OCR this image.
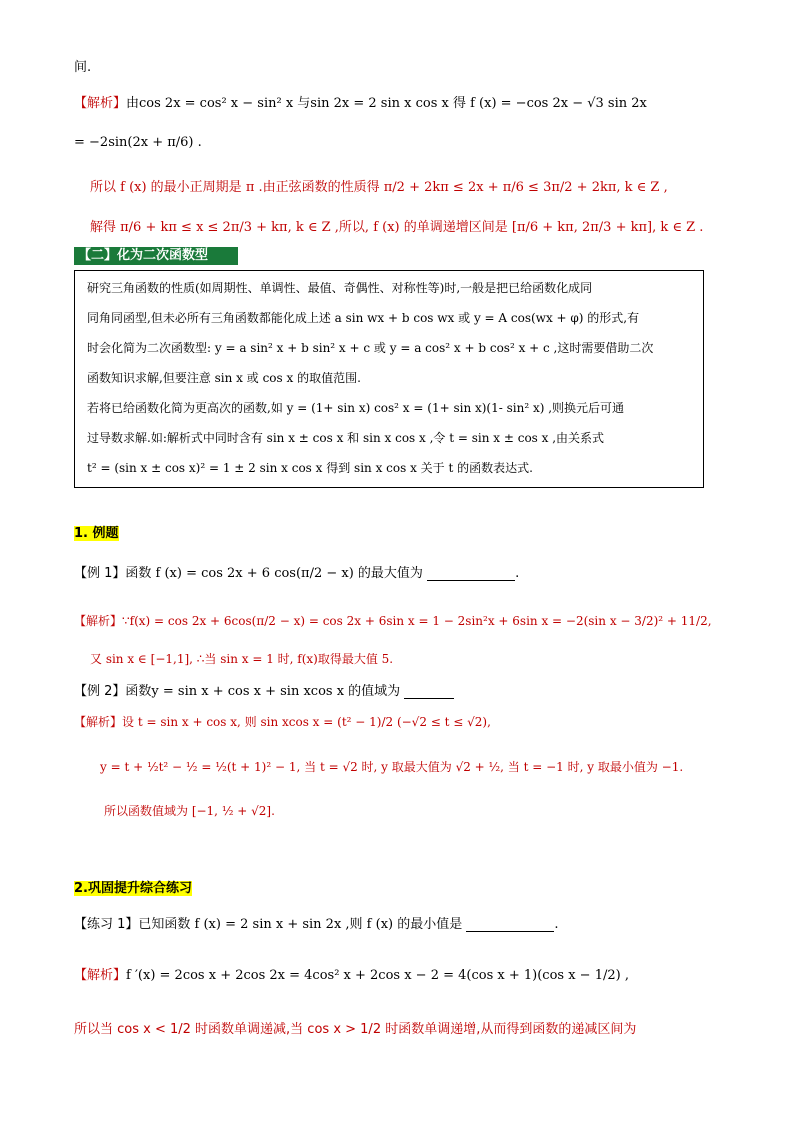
间.
【解析】由cos 2x = cos² x − sin² x 与sin 2x = 2 sin x cos x 得 f (x) = −cos 2x − √3 sin 2x
= −2sin(2x + π/6) .
所以 f (x) 的最小正周期是 π .由正弦函数的性质得 π/2 + 2kπ ≤ 2x + π/6 ≤ 3π/2 + 2kπ, k ∈ Z ,
解得 π/6 + kπ ≤ x ≤ 2π/3 + kπ, k ∈ Z ,所以, f (x) 的单调递增区间是 [π/6 + kπ, 2π/3 + kπ], k ∈ Z .
【二】化为二次函数型
研究三角函数的性质(如周期性、单调性、最值、奇偶性、对称性等)时,一般是把已给函数化成同
同角同函型,但未必所有三角函数都能化成上述 a sin wx + b cos wx 或 y = A cos(wx + φ) 的形式,有
时会化简为二次函数型: y = a sin² x + b sin² x + c 或 y = a cos² x + b cos² x + c ,这时需要借助二次
函数知识求解,但要注意 sin x 或 cos x 的取值范围.
若将已给函数化简为更高次的函数,如 y = (1+ sin x) cos² x = (1+ sin x)(1- sin² x) ,则换元后可通
过导数求解.如:解析式中同时含有 sin x ± cos x 和 sin x cos x ,令 t = sin x ± cos x ,由关系式
t² = (sin x ± cos x)² = 1 ± 2 sin x cos x 得到 sin x cos x 关于 t 的函数表达式.
1. 例题
【例 1】函数 f (x) = cos 2x + 6 cos(π/2 − x) 的最大值为	.
【解析】∵f(x) = cos 2x + 6cos(π/2 − x) = cos 2x + 6sin x = 1 − 2sin²x + 6sin x = −2(sin x − 3/2)² + 11/2,
又 sin x ∈ [−1,1], ∴当 sin x = 1 时, f(x)取得最大值 5.
【例 2】函数y = sin x + cos x + sin xcos x 的值域为
【解析】设 t = sin x + cos x, 则 sin xcos x = (t² − 1)/2 (−√2 ≤ t ≤ √2),
y = t + ½t² − ½ = ½(t + 1)² − 1, 当 t = √2 时, y 取最大值为 √2 + ½, 当 t = −1 时, y 取最小值为 −1.
所以函数值域为 [−1, ½ + √2].
2.巩固提升综合练习
【练习 1】已知函数 f (x) = 2 sin x + sin 2x ,则 f (x) 的最小值是	.
【解析】f ′(x) = 2cos x + 2cos 2x = 4cos² x + 2cos x − 2 = 4(cos x + 1)(cos x − 1/2) ,
所以当 cos x < 1/2 时函数单调递减,当 cos x > 1/2 时函数单调递增,从而得到函数的递减区间为
